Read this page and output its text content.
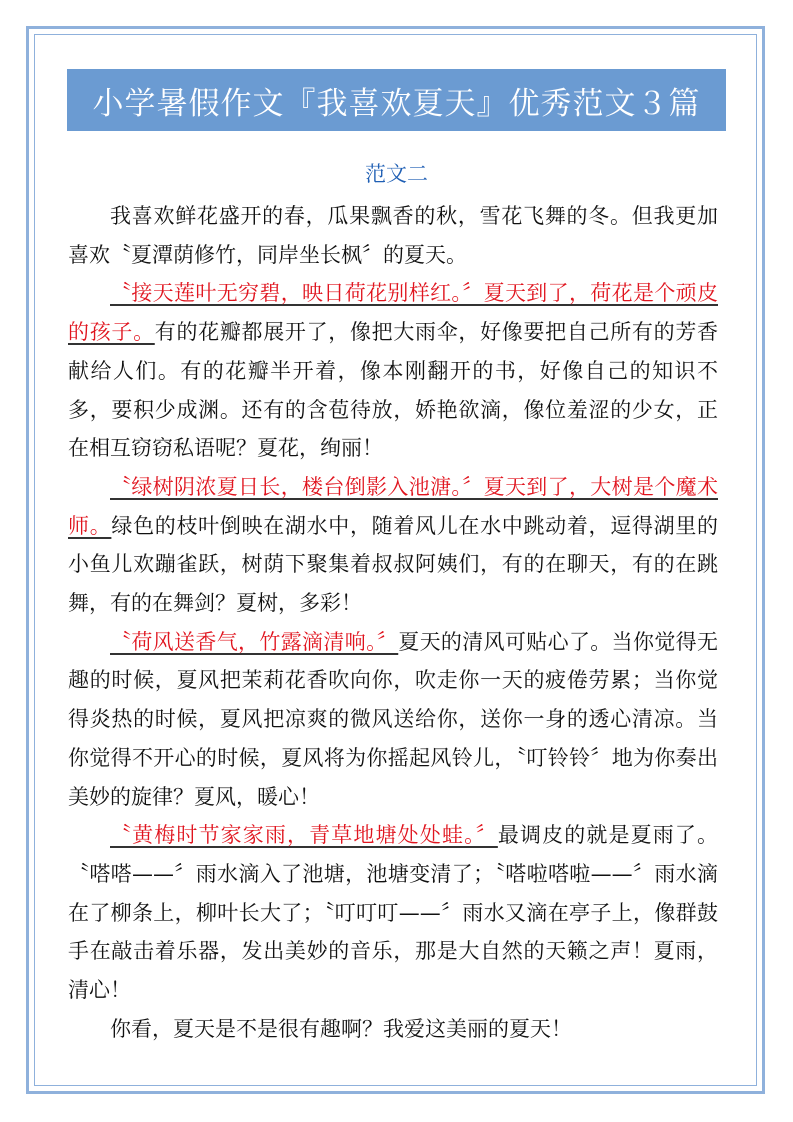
小学暑假作文『我喜欢夏天』优秀范文３篇
范文二

我喜欢鲜花盛开的春，瓜果飘香的秋，雪花飞舞的冬。但我更加喜欢〝夏潭荫修竹，同岸坐长枫〞的夏天。

〝接天莲叶无穷碧，映日荷花别样红。〞夏天到了，荷花是个顽皮的孩子。有的花瓣都展开了，像把大雨伞，好像要把自己所有的芳香献给人们。有的花瓣半开着，像本刚翻开的书，好像自己的知识不多，要积少成渊。还有的含苞待放，娇艳欲滴，像位羞涩的少女，正在相互窃窃私语呢？夏花，绚丽！

〝绿树阴浓夏日长，楼台倒影入池溏。〞夏天到了，大树是个魔术师。绿色的枝叶倒映在湖水中，随着风儿在水中跳动着，逗得湖里的小鱼儿欢蹦雀跃，树荫下聚集着叔叔阿姨们，有的在聊天，有的在跳舞，有的在舞剑？夏树，多彩！

〝荷风送香气，竹露滴清响。〞夏天的清风可贴心了。当你觉得无趣的时候，夏风把茉莉花香吹向你，吹走你一天的疲倦劳累；当你觉得炎热的时候，夏风把凉爽的微风送给你，送你一身的透心清凉。当你觉得不开心的时候，夏风将为你摇起风铃儿，〝叮铃铃〞地为你奏出美妙的旋律？夏风，暖心！

〝黄梅时节家家雨，青草地塘处处蛙。〞最调皮的就是夏雨了。〝嗒嗒——〞雨水滴入了池塘，池塘变清了；〝嗒啦嗒啦——〞雨水滴在了柳条上，柳叶长大了；〝叮叮叮——〞雨水又滴在亭子上，像群鼓手在敲击着乐器，发出美妙的音乐，那是大自然的天籁之声！夏雨，清心！

你看，夏天是不是很有趣啊？我爱这美丽的夏天！
